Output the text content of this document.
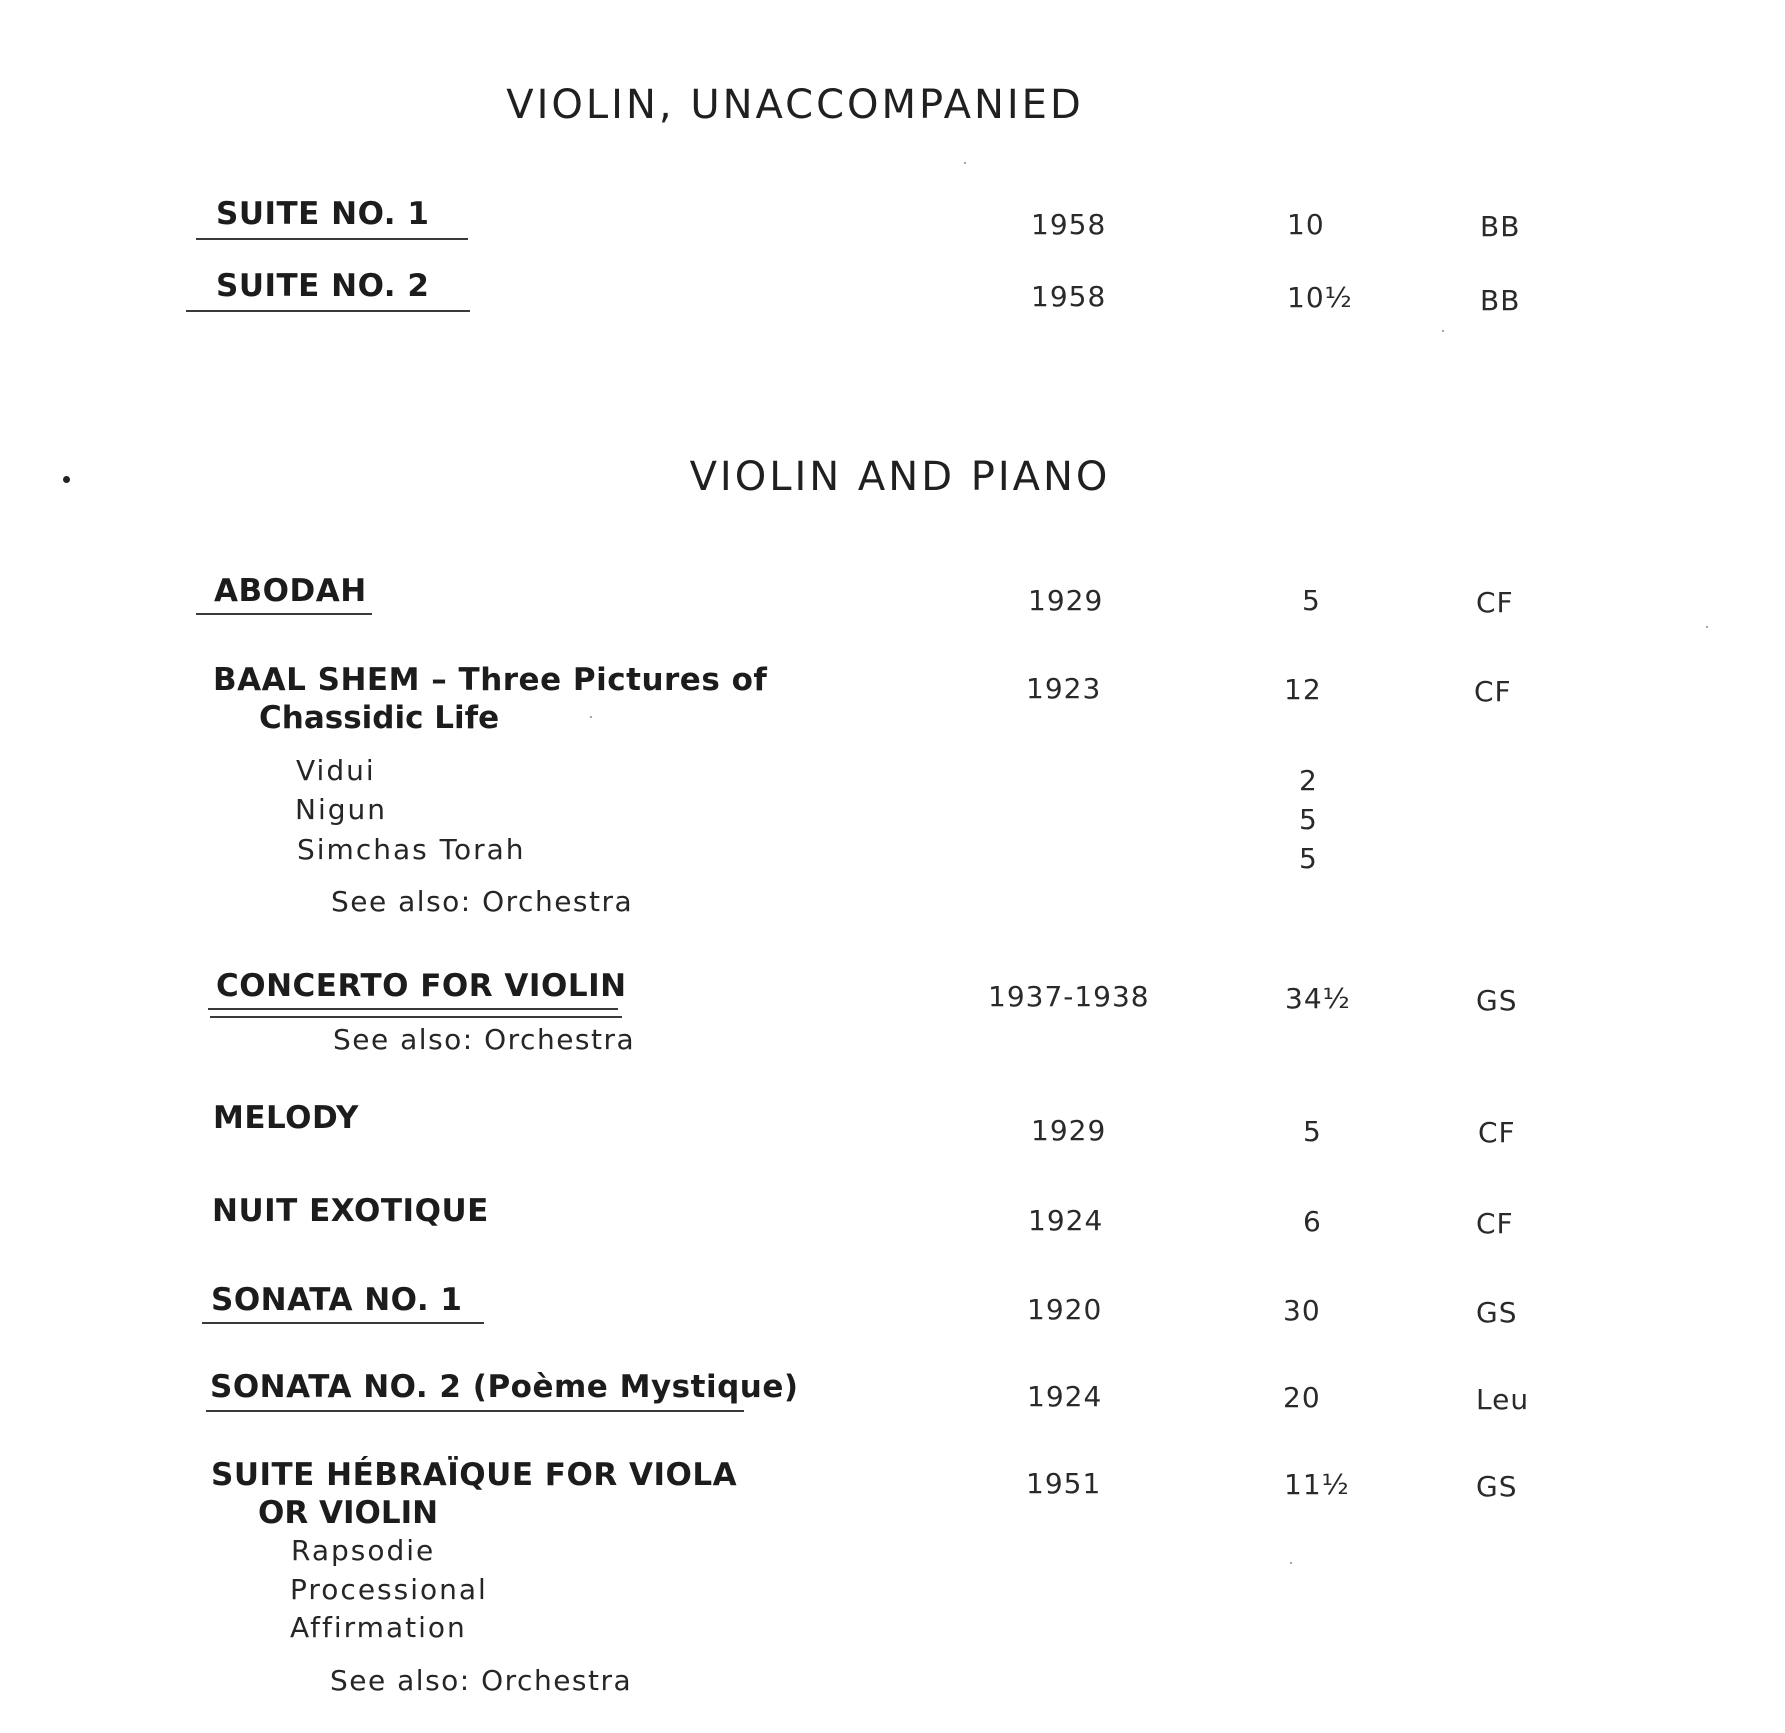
VIOLIN, UNACCOMPANIED
SUITE NO. 1	1958	10	BB
SUITE NO. 2	1958	10½	BB
VIOLIN AND PIANO
ABODAH	1929	5	CF
BAAL SHEM – Three Pictures of
Chassidic Life
1923	12	CF
Vidui	2
Nigun	5
Simchas Torah	5
See also: Orchestra
CONCERTO FOR VIOLIN	1937-1938	34½	GS
See also: Orchestra
MELODY	1929	5	CF
NUIT EXOTIQUE	1924	6	CF
SONATA NO. 1	1920	30	GS
SONATA NO. 2 (Poème Mystique)	1924	20	Leu
SUITE HÉBRAÏQUE FOR VIOLA
OR VIOLIN
1951	11½	GS
Rapsodie
Processional
Affirmation
See also: Orchestra
